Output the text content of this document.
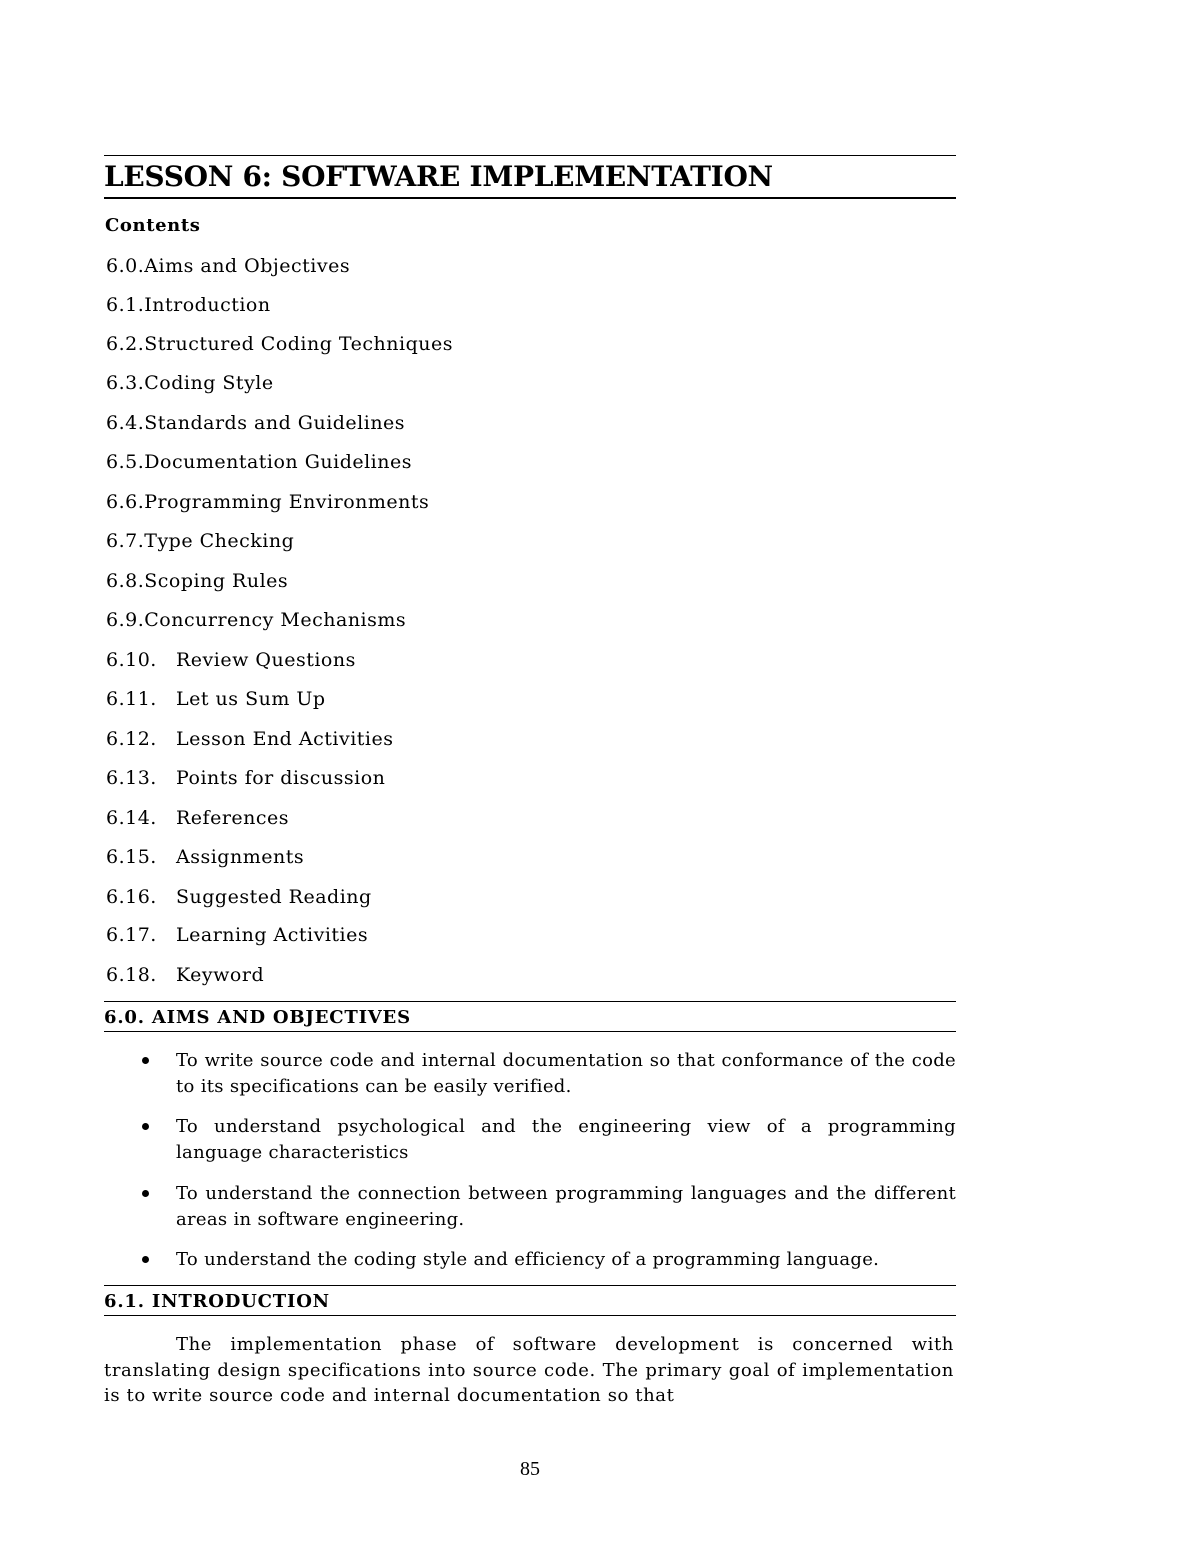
LESSON 6: SOFTWARE IMPLEMENTATION
Contents
6.0.Aims and Objectives
6.1.Introduction
6.2.Structured Coding Techniques
6.3.Coding Style
6.4.Standards and Guidelines
6.5.Documentation Guidelines
6.6.Programming Environments
6.7.Type Checking
6.8.Scoping Rules
6.9.Concurrency Mechanisms
6.10. Review Questions
6.11. Let us Sum Up
6.12. Lesson End Activities
6.13. Points for discussion
6.14. References
6.15. Assignments
6.16. Suggested Reading
6.17. Learning Activities
6.18. Keyword
6.0. AIMS AND OBJECTIVES
To write source code and internal documentation so that conformance of the code to its specifications can be easily verified.
To understand psychological and the engineering view of a programming language characteristics
To understand the connection between programming languages and the different areas in software engineering.
To understand the coding style and efficiency of a programming language.
6.1. INTRODUCTION
The implementation phase of software development is concerned with translating design specifications into source code. The primary goal of implementation is to write source code and internal documentation so that
85
